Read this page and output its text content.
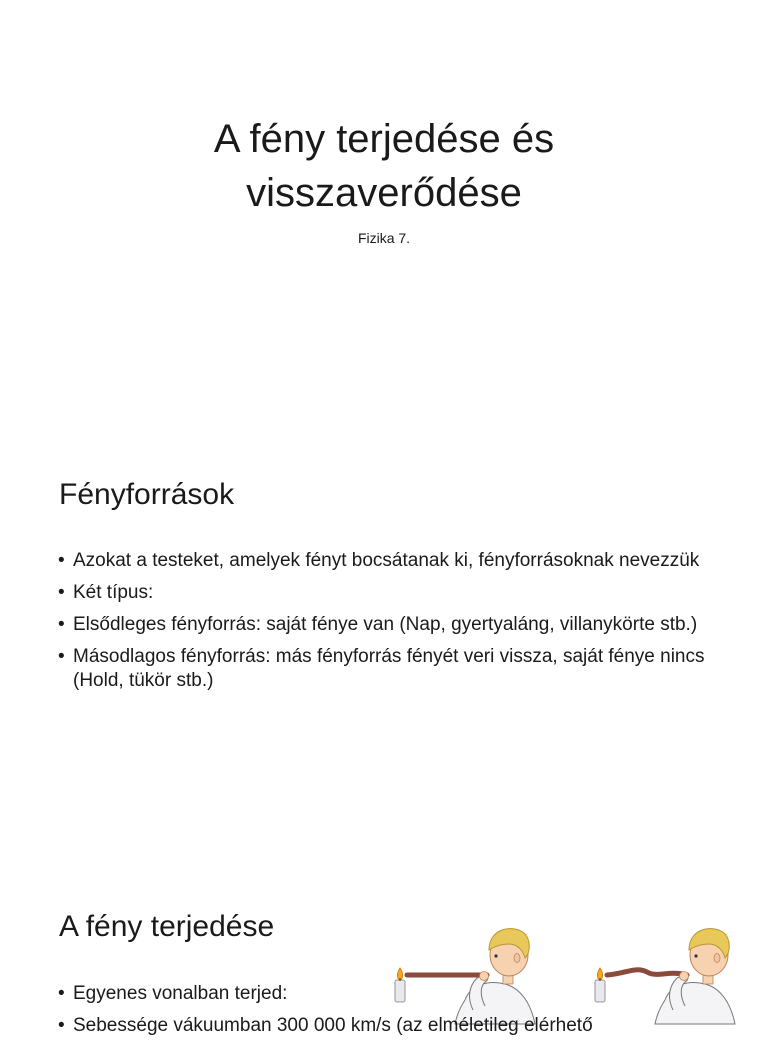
A fény terjedése és
visszaverődése
Fizika 7.
Fényforrások
• Azokat a testeket, amelyek fényt bocsátanak ki, fényforrásoknak nevezzük
• Két típus:
• Elsődleges fényforrás: saját fénye van (Nap, gyertyaláng, villanykörte stb.)
• Másodlagos fényforrás: más fényforrás fényét veri vissza, saját fénye nincs (Hold, tükör stb.)
A fény terjedése
• Egyenes vonalban terjed:
• Sebessége vákuumban 300 000 km/s (az elméletileg elérhető
